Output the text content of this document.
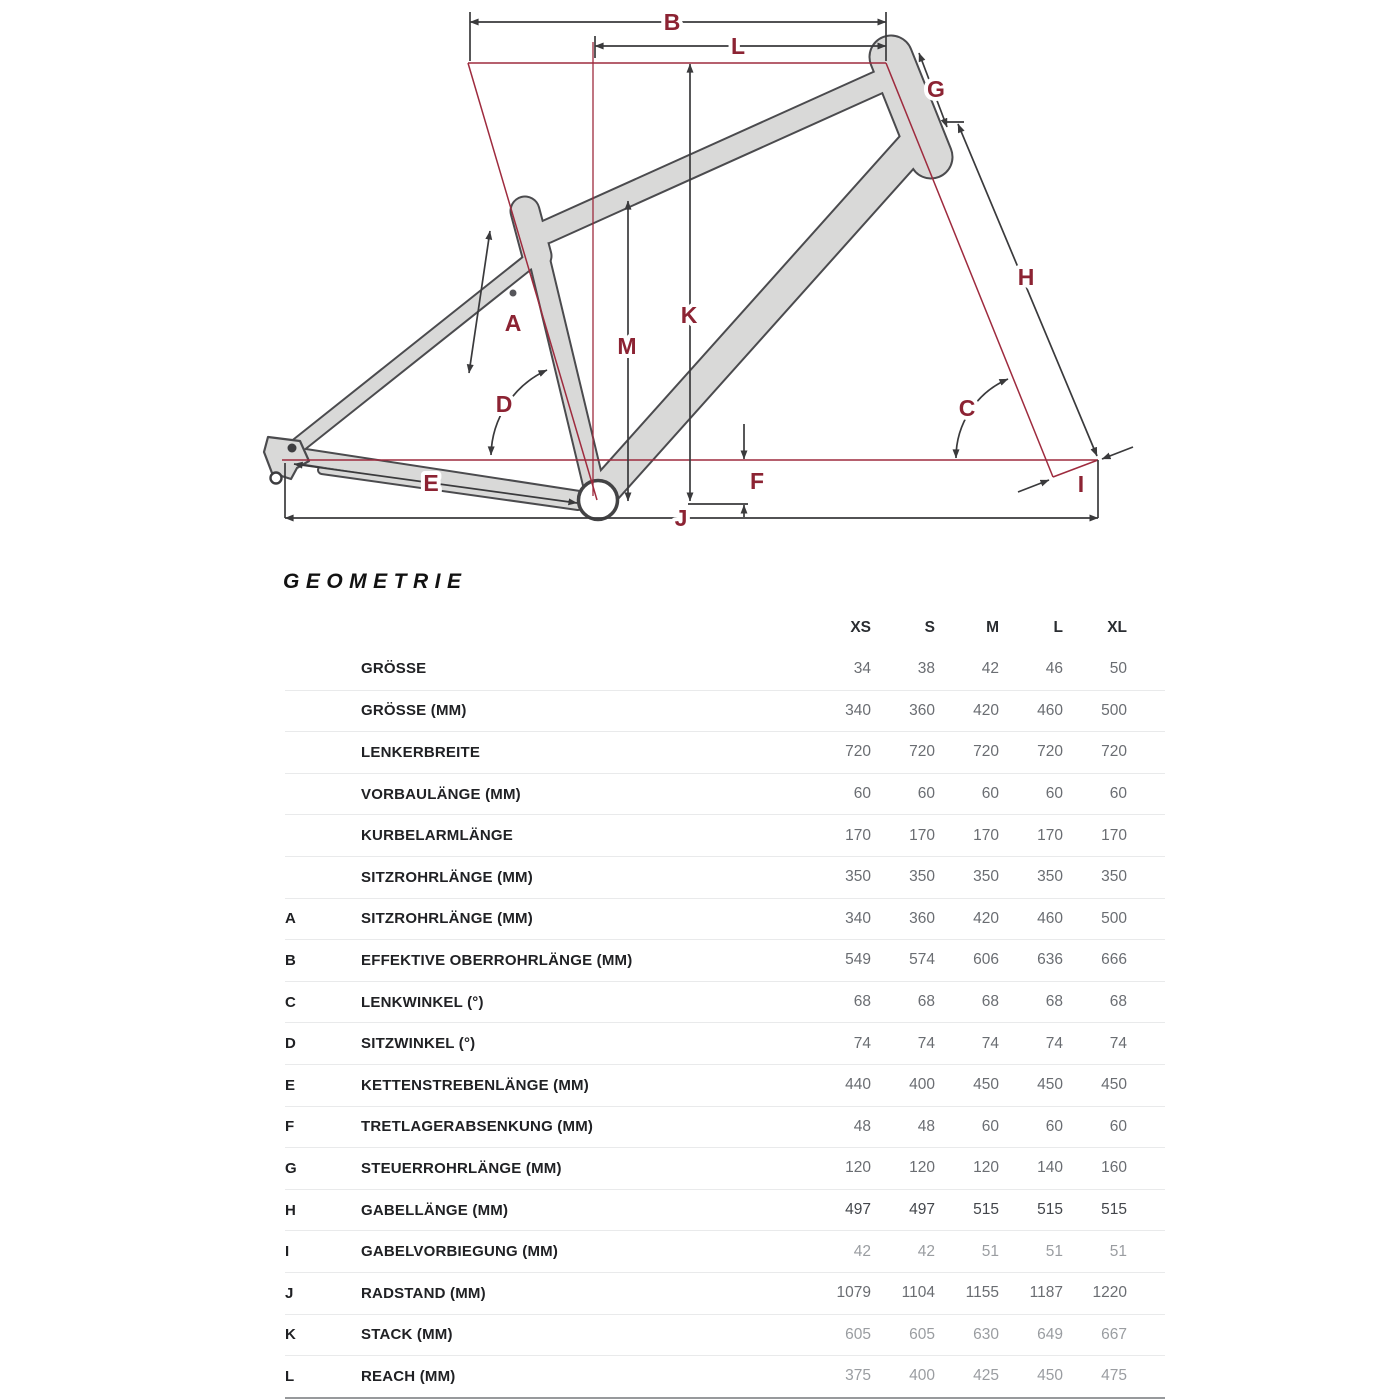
B
L
G
H
A	K
M
D	C
E	F	I
J
GEOMETRIE
XS	S	M	L	XL
GRÖSSE	34	38	42	46	50
GRÖSSE (MM)	340	360	420	460	500
LENKERBREITE	720	720	720	720	720
VORBAULÄNGE (MM)	60	60	60	60	60
KURBELARMLÄNGE	170	170	170	170	170
SITZROHRLÄNGE (MM)	350	350	350	350	350
A	SITZROHRLÄNGE (MM)	340	360	420	460	500
B	EFFEKTIVE OBERROHRLÄNGE (MM)	549	574	606	636	666
C	LENKWINKEL (°)	68	68	68	68	68
D	SITZWINKEL (°)	74	74	74	74	74
E	KETTENSTREBENLÄNGE (MM)	440	400	450	450	450
F	TRETLAGERABSENKUNG (MM)	48	48	60	60	60
G	STEUERROHRLÄNGE (MM)	120	120	120	140	160
H	GABELLÄNGE (MM)	497	497	515	515	515
I	GABELVORBIEGUNG (MM)	42	42	51	51	51
J	RADSTAND (MM)	1079	1104	1155	1187	1220
K	STACK (MM)	605	605	630	649	667
L	REACH (MM)	375	400	425	450	475
